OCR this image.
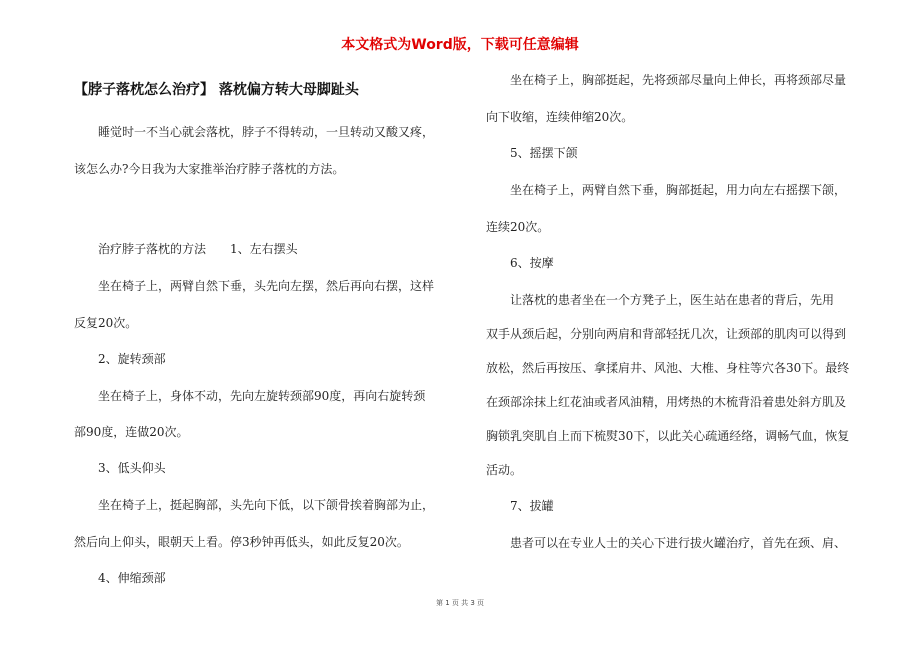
本文格式为Word版，下载可任意编辑

【脖子落枕怎么治疗】 落枕偏方转大母脚趾头

睡觉时一不当心就会落枕，脖子不得转动，一旦转动又酸又疼，

该怎么办?今日我为大家推举治疗脖子落枕的方法。

治疗脖子落枕的方法　　1、左右摆头

坐在椅子上，两臂自然下垂，头先向左摆，然后再向右摆，这样

反复20次。

2、旋转颈部

坐在椅子上，身体不动，先向左旋转颈部90度，再向右旋转颈

部90度，连做20次。

3、低头仰头

坐在椅子上，挺起胸部，头先向下低，以下颌骨挨着胸部为止，

然后向上仰头，眼朝天上看。停3秒钟再低头，如此反复20次。

4、伸缩颈部

坐在椅子上，胸部挺起，先将颈部尽量向上伸长，再将颈部尽量

向下收缩，连续伸缩20次。

5、摇摆下颌

坐在椅子上，两臂自然下垂，胸部挺起，用力向左右摇摆下颌，

连续20次。

6、按摩

让落枕的患者坐在一个方凳子上，医生站在患者的背后，先用

双手从颈后起，分别向两肩和背部轻抚几次，让颈部的肌肉可以得到

放松，然后再按压、拿揉肩井、风池、大椎、身柱等穴各30下。最终

在颈部涂抹上红花油或者风油精，用烤热的木梳背沿着患处斜方肌及

胸锁乳突肌自上而下梳熨30下，以此关心疏通经络，调畅气血，恢复

活动。

7、拔罐

患者可以在专业人士的关心下进行拔火罐治疗，首先在颈、肩、

第 1 页 共 3 页
